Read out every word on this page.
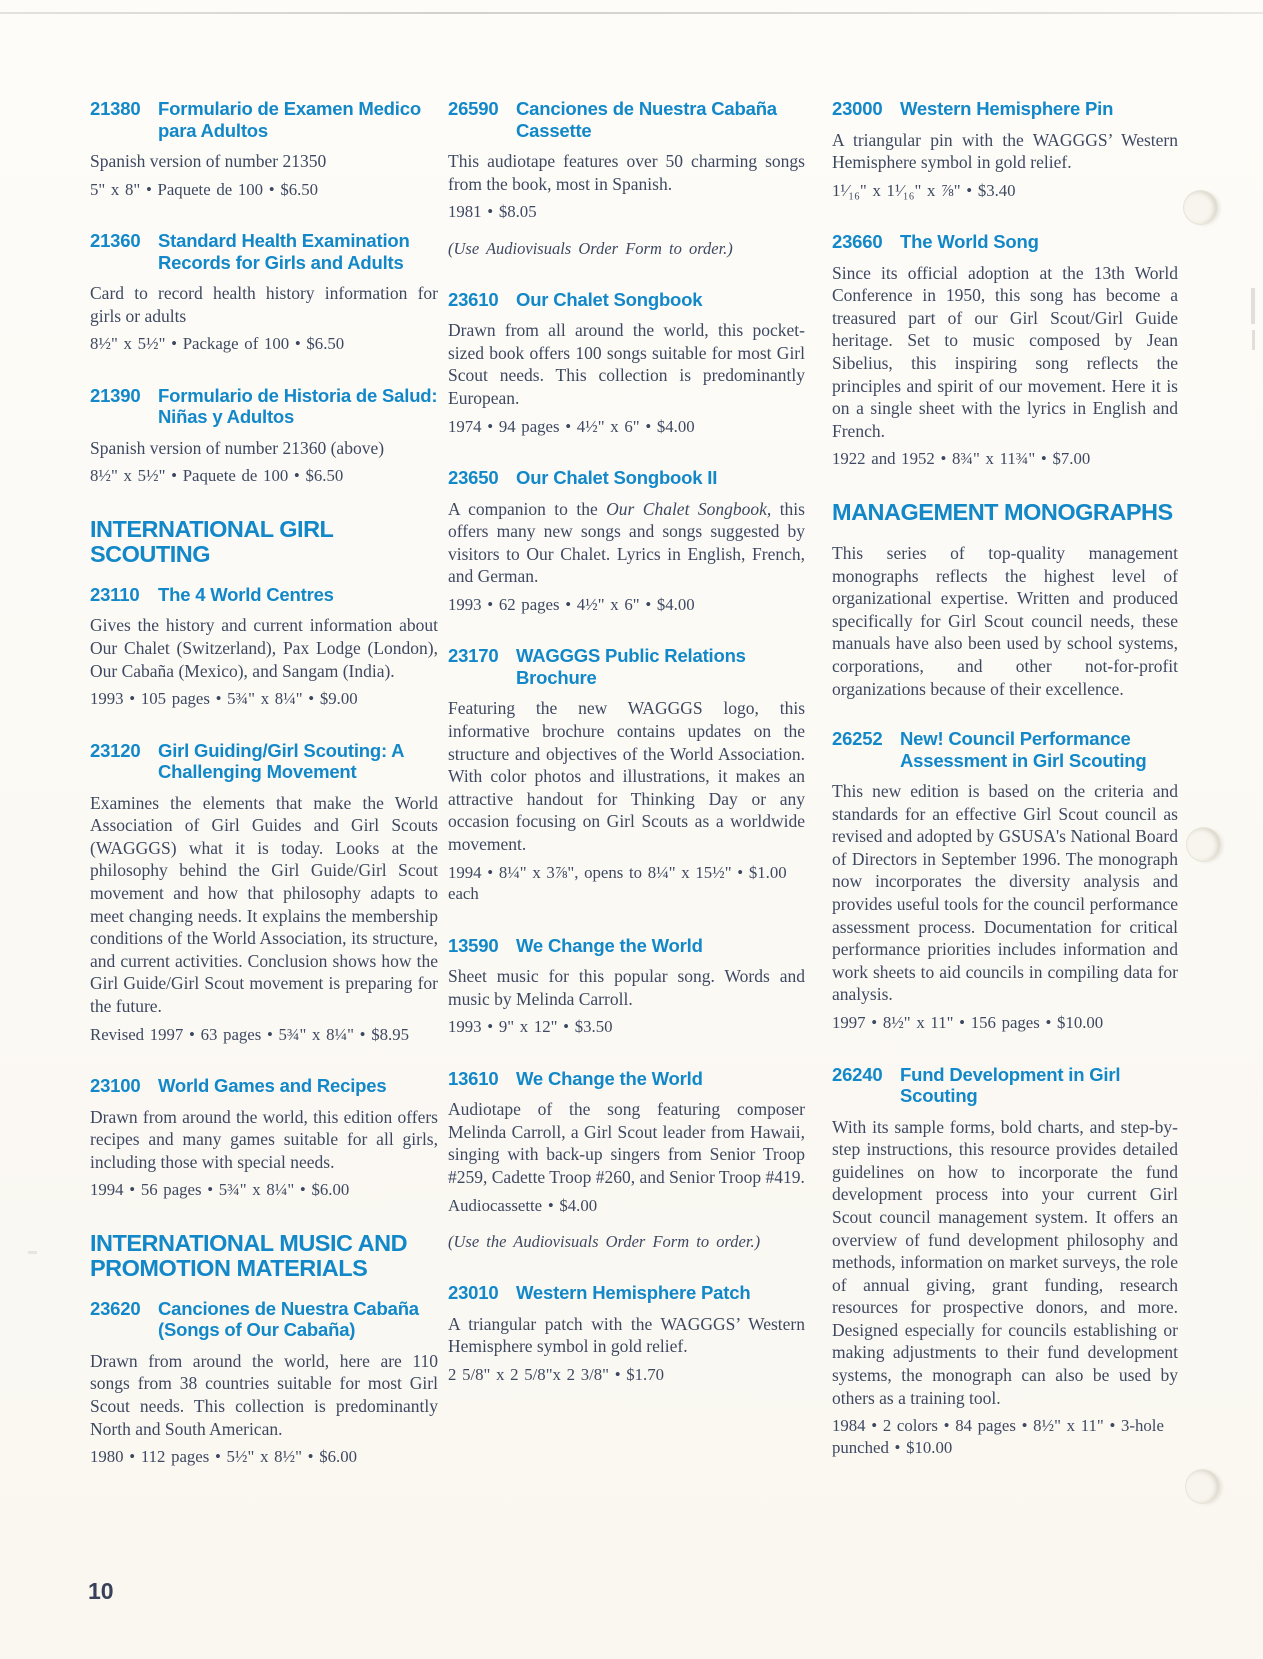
21380 Formulario de Examen Medico para Adultos

Spanish version of number 21350

5" x 8" • Paquete de 100 • $6.50

21360 Standard Health Examination Records for Girls and Adults

Card to record health history information for girls or adults

8½" x 5½" • Package of 100 • $6.50

21390 Formulario de Historia de Salud: Niñas y Adultos

Spanish version of number 21360 (above)

8½" x 5½" • Paquete de 100 • $6.50

INTERNATIONAL GIRL SCOUTING
23110	The 4 World Centres

Gives the history and current information about Our Chalet (Switzerland), Pax Lodge (London), Our Cabaña (Mexico), and Sangam (India).

1993 • 105 pages • 5¾" x 8¼" • $9.00

23120 Girl Guiding/Girl Scouting: A Challenging Movement

Examines the elements that make the World Association of Girl Guides and Girl Scouts (WAGGGS) what it is today. Looks at the philosophy behind the Girl Guide/Girl Scout movement and how that philosophy adapts to meet changing needs. It explains the membership conditions of the World Association, its structure, and current activities. Conclusion shows how the Girl Guide/Girl Scout movement is preparing for the future.

Revised 1997 • 63 pages • 5¾" x 8¼" • $8.95

23100 World Games and Recipes

Drawn from around the world, this edition offers recipes and many games suitable for all girls, including those with special needs.

1994 • 56 pages • 5¾" x 8¼" • $6.00

INTERNATIONAL MUSIC AND PROMOTION MATERIALS
23620 Canciones de Nuestra Cabaña (Songs of Our Cabaña)

Drawn from around the world, here are 110 songs from 38 countries suitable for most Girl Scout needs. This collection is predominantly North and South American.

1980 • 112 pages • 5½" x 8½" • $6.00

26590 Canciones de Nuestra Cabaña Cassette

This audiotape features over 50 charming songs from the book, most in Spanish.

1981 • $8.05

(Use Audiovisuals Order Form to order.)

23610 Our Chalet Songbook

Drawn from all around the world, this pocket-sized book offers 100 songs suitable for most Girl Scout needs. This collection is predominantly European.

1974 • 94 pages • 4½" x 6" • $4.00

23650 Our Chalet Songbook II

A companion to the Our Chalet Songbook, this offers many new songs and songs suggested by visitors to Our Chalet. Lyrics in English, French, and German.

1993 • 62 pages • 4½" x 6" • $4.00

23170 WAGGGS Public Relations Brochure

Featuring the new WAGGGS logo, this informative brochure contains updates on the structure and objectives of the World Association. With color photos and illustrations, it makes an attractive handout for Thinking Day or any occasion focusing on Girl Scouts as a worldwide movement.

1994 • 8¼" x 3⅞", opens to 8¼" x 15½" • $1.00 each

13590 We Change the World

Sheet music for this popular song. Words and music by Melinda Carroll.

1993 • 9" x 12" • $3.50

13610 We Change the World

Audiotape of the song featuring composer Melinda Carroll, a Girl Scout leader from Hawaii, singing with back-up singers from Senior Troop #259, Cadette Troop #260, and Senior Troop #419.

Audiocassette • $4.00

(Use the Audiovisuals Order Form to order.)

23010 Western Hemisphere Patch

A triangular patch with the WAGGGS’ Western Hemisphere symbol in gold relief.

2 5/8" x 2 5/8"x 2 3/8" • $1.70

23000 Western Hemisphere Pin

A triangular pin with the WAGGGS’ Western Hemisphere symbol in gold relief.

1¹⁄₁₆" x 1¹⁄₁₆" x ⅞" • $3.40

23660 The World Song

Since its official adoption at the 13th World Conference in 1950, this song has become a treasured part of our Girl Scout/Girl Guide heritage. Set to music composed by Jean Sibelius, this inspiring song reflects the principles and spirit of our movement. Here it is on a single sheet with the lyrics in English and French.

1922 and 1952 • 8¾" x 11¾" • $7.00

MANAGEMENT MONOGRAPHS

This series of top-quality management monographs reflects the highest level of organizational expertise. Written and produced specifically for Girl Scout council needs, these manuals have also been used by school systems, corporations, and other not-for-profit organizations because of their excellence.

26252 New! Council Performance Assessment in Girl Scouting

This new edition is based on the criteria and standards for an effective Girl Scout council as revised and adopted by GSUSA's National Board of Directors in September 1996. The monograph now incorporates the diversity analysis and provides useful tools for the council performance assessment process. Documentation for critical performance priorities includes information and work sheets to aid councils in compiling data for analysis.

1997 • 8½" x 11" • 156 pages • $10.00

26240 Fund Development in Girl Scouting

With its sample forms, bold charts, and step-by-step instructions, this resource provides detailed guidelines on how to incorporate the fund development process into your current Girl Scout council management system. It offers an overview of fund development philosophy and methods, information on market surveys, the role of annual giving, grant funding, research resources for prospective donors, and more. Designed especially for councils establishing or making adjustments to their fund development systems, the monograph can also be used by others as a training tool.

1984 • 2 colors • 84 pages • 8½" x 11" • 3-hole punched • $10.00

10
